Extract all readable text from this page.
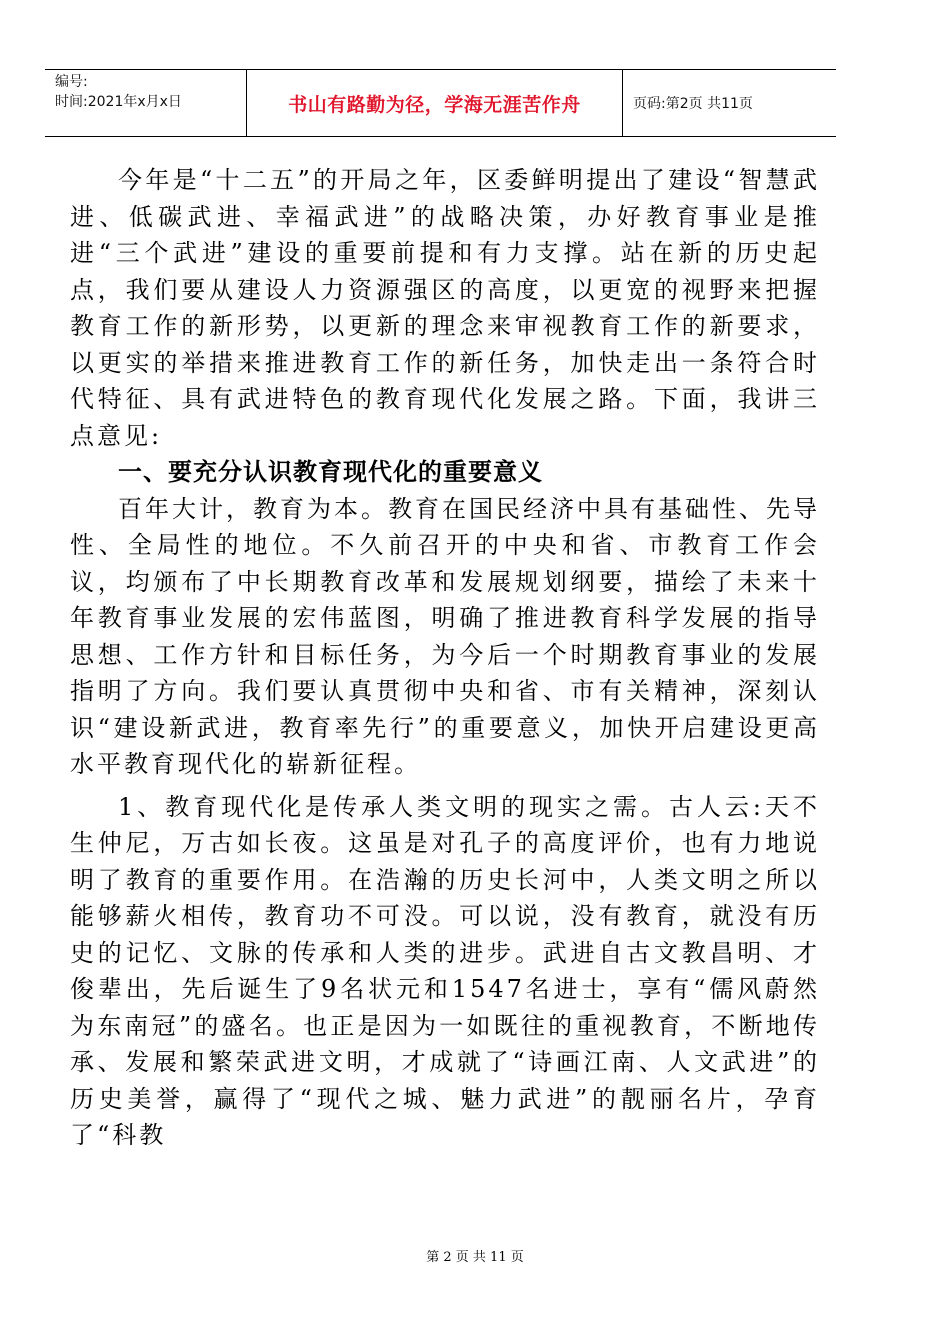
编号:
时间:2021年x月x日	书山有路勤为径，学海无涯苦作舟	页码:第2页 共11页

今年是“十二五”的开局之年，区委鲜明提出了建设“智慧武进、低碳武进、幸福武进”的战略决策，办好教育事业是推进“三个武进”建设的重要前提和有力支撑。站在新的历史起点，我们要从建设人力资源强区的高度，以更宽的视野来把握教育工作的新形势，以更新的理念来审视教育工作的新要求，以更实的举措来推进教育工作的新任务，加快走出一条符合时代特征、具有武进特色的教育现代化发展之路。下面，我讲三点意见:

一、要充分认识教育现代化的重要意义

百年大计，教育为本。教育在国民经济中具有基础性、先导性、全局性的地位。不久前召开的中央和省、市教育工作会议，均颁布了中长期教育改革和发展规划纲要，描绘了未来十年教育事业发展的宏伟蓝图，明确了推进教育科学发展的指导思想、工作方针和目标任务，为今后一个时期教育事业的发展指明了方向。我们要认真贯彻中央和省、市有关精神，深刻认识“建设新武进，教育率先行”的重要意义，加快开启建设更高水平教育现代化的崭新征程。

1、教育现代化是传承人类文明的现实之需。古人云:天不生仲尼，万古如长夜。这虽是对孔子的高度评价，也有力地说明了教育的重要作用。在浩瀚的历史长河中，人类文明之所以能够薪火相传，教育功不可没。可以说，没有教育，就没有历史的记忆、文脉的传承和人类的进步。武进自古文教昌明、才俊辈出，先后诞生了9名状元和1547名进士，享有“儒风蔚然为东南冠”的盛名。也正是因为一如既往的重视教育，不断地传承、发展和繁荣武进文明，才成就了“诗画江南、人文武进”的历史美誉，赢得了“现代之城、魅力武进”的靓丽名片，孕育了“科教

第 2 页 共 11 页
